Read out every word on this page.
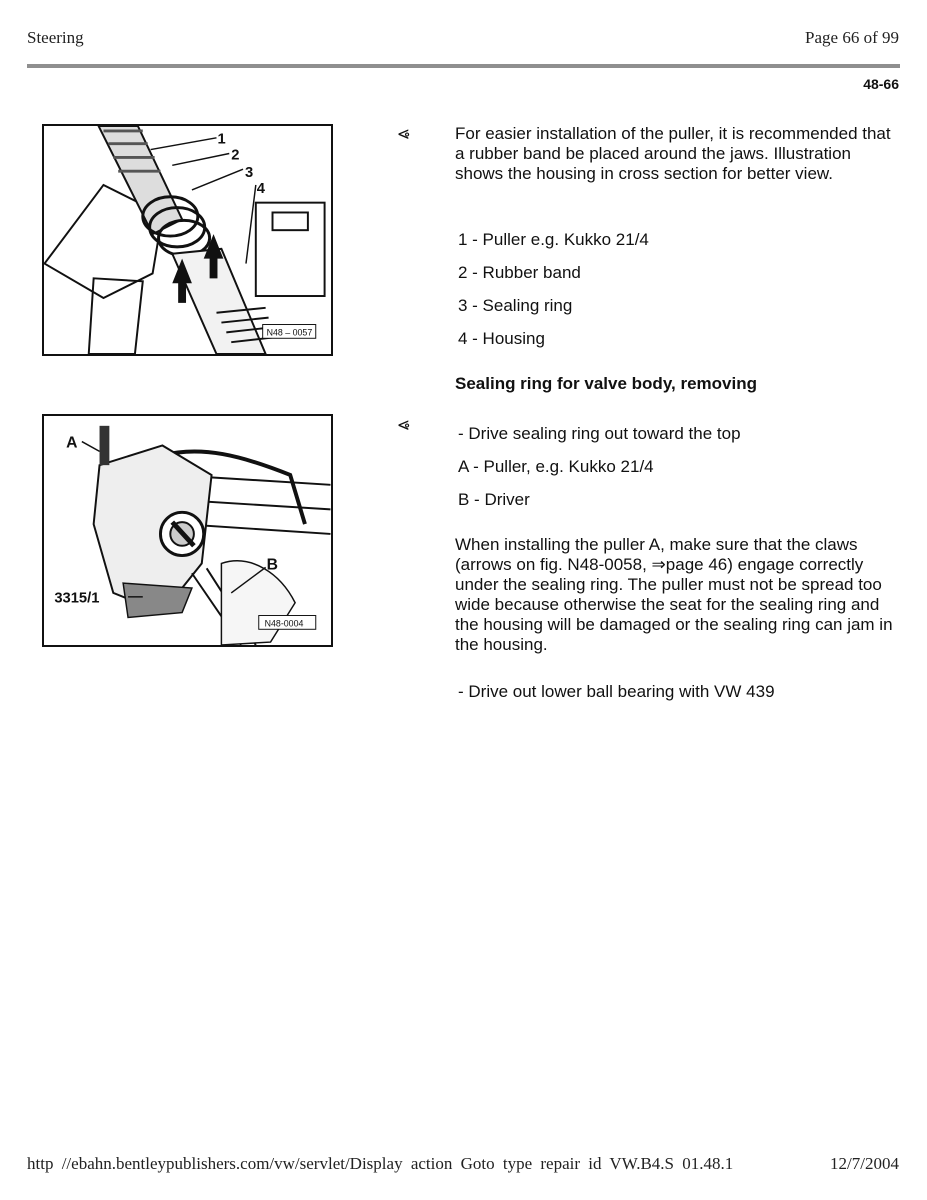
Steering	Page 66 of 99
48-66
1
2
3
4
N48 – 0057
A
B
3315/1
N48-0004
⩹
⩹
For easier installation of the puller, it is recommended that a rubber band be placed around the jaws. Illustration shows the housing in cross section for better view.
1 - Puller e.g. Kukko 21/4
2 - Rubber band
3 - Sealing ring
4 - Housing
Sealing ring for valve body, removing
- Drive sealing ring out toward the top
A - Puller, e.g. Kukko 21/4
B - Driver
When installing the puller A, make sure that the claws (arrows on fig. N48-0058, ⇒page 46) engage correctly under the sealing ring. The puller must not be spread too wide because otherwise the seat for the sealing ring and the housing will be damaged or the sealing ring can jam in the housing.
- Drive out lower ball bearing with VW 439
http //ebahn.bentleypublishers.com/vw/servlet/Display action Goto type repair id VW.B4.S 01.48.1	12/7/2004
